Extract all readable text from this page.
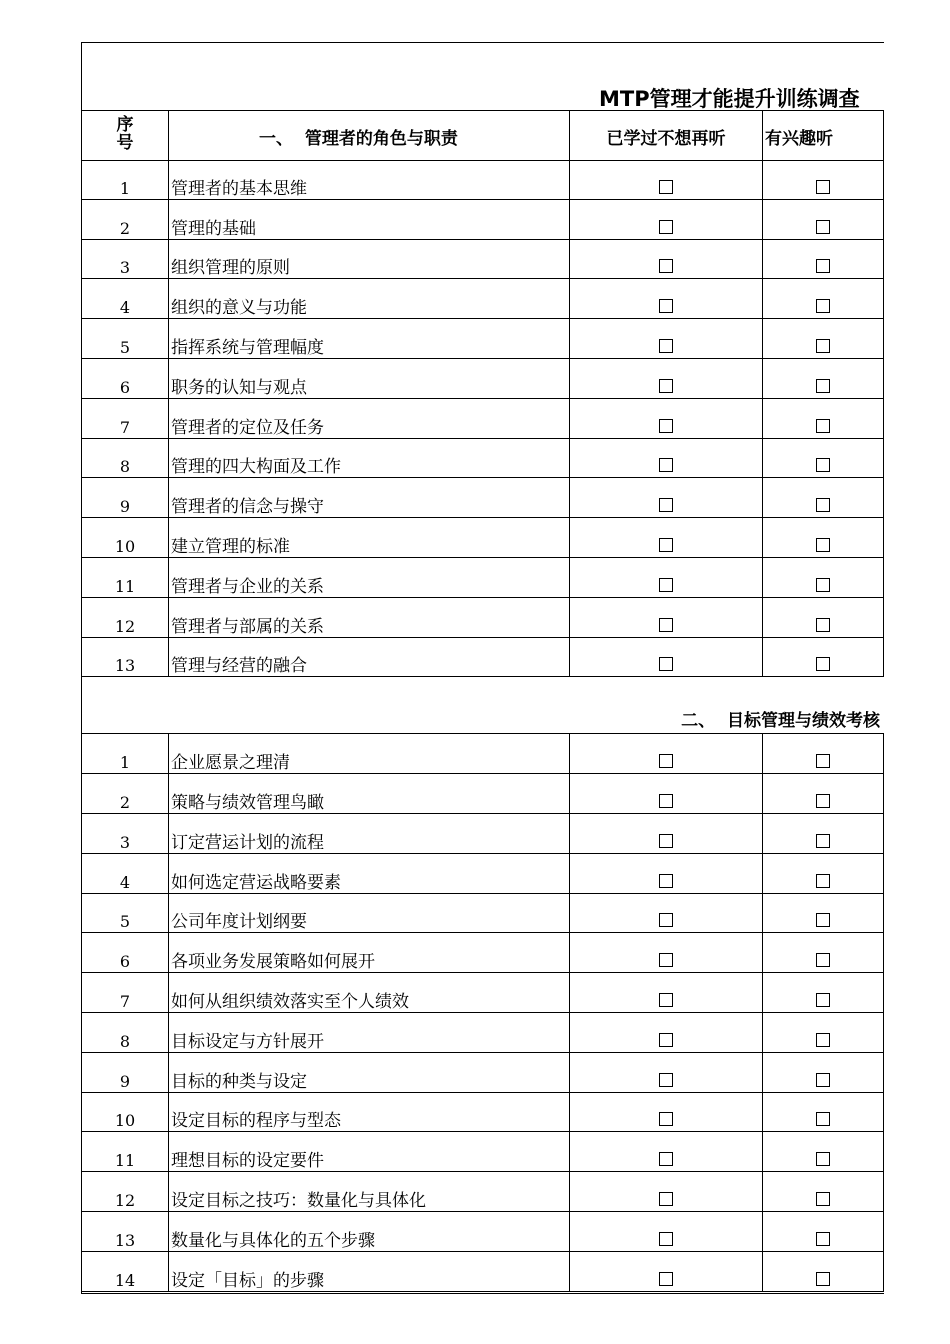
MTP管理才能提升训练调查
序号	一、  管理者的角色与职责	已学过不想再听	有兴趣听
1	管理者的基本思维
2	管理的基础
3	组织管理的原则
4	组织的意义与功能
5	指挥系统与管理幅度
6	职务的认知与观点
7	管理者的定位及任务
8	管理的四大构面及工作
9	管理者的信念与操守
10	建立管理的标准
11	管理者与企业的关系
12	管理者与部属的关系
13	管理与经营的融合
二、  目标管理与绩效考核
1	企业愿景之理清
2	策略与绩效管理鸟瞰
3	订定营运计划的流程
4	如何选定营运战略要素
5	公司年度计划纲要
6	各项业务发展策略如何展开
7	如何从组织绩效落实至个人绩效
8	目标设定与方针展开
9	目标的种类与设定
10	设定目标的程序与型态
11	理想目标的设定要件
12	设定目标之技巧：数量化与具体化
13	数量化与具体化的五个步骤
14	设定「目标」的步骤
